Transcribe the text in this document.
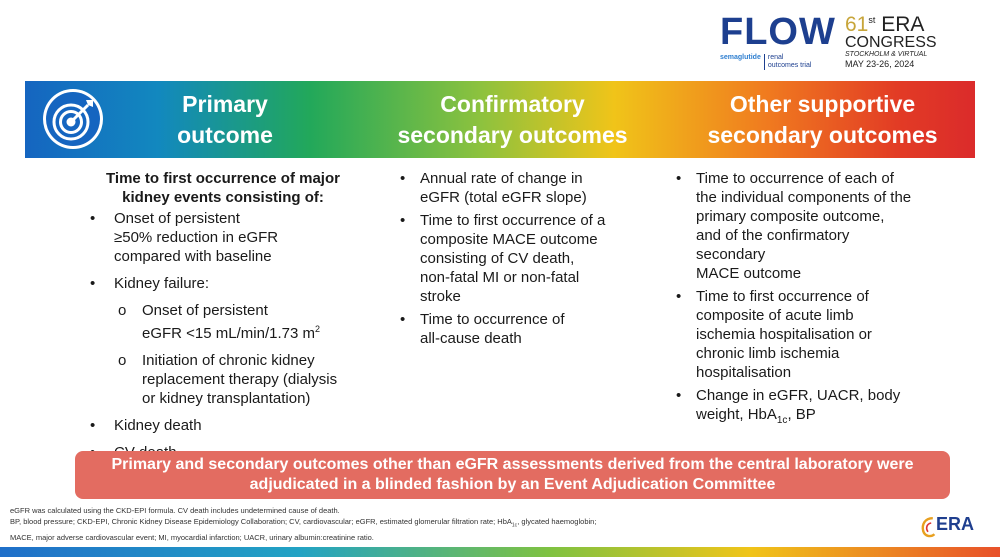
FLOW
semaglutide	renal
outcomes trial
61st ERA
CONGRESS
STOCKHOLM & VIRTUAL
MAY 23-26, 2024
Primary
outcome
Confirmatory
secondary outcomes
Other supportive
secondary outcomes
Time to first occurrence of major
kidney events consisting of:
• Onset of persistent
≥50% reduction in eGFR
compared with baseline
• Kidney failure:
o Onset of persistent
eGFR <15 mL/min/1.73 $m^2$
o Initiation of chronic kidney
replacement therapy (dialysis
or kidney transplantation)
• Kidney death
•
• Annual rate of change in
eGFR (total eGFR slope)
• Time to first occurrence of a
composite MACE outcome
consisting of CV death,
non-fatal MI or non-fatal
stroke
• Time to occurrence of
all-cause death
• Time to occurrence of each of
the individual components of the
primary composite outcome,
and of the confirmatory
secondary
MACE outcome
• Time to first occurrence of
composite of acute limb
ischemia hospitalisation or
chronic limb ischemia
hospitalisation
• Change in eGFR, UACR, body
weight, HbA$_{1c}$, BP
Primary and secondary outcomes other than eGFR assessments derived from the central laboratory were adjudicated in a blinded fashion by an Event Adjudication Committee
eGFR was calculated using the CKD-EPI formula. CV death includes undetermined cause of death.
BP, blood pressure; CKD-EPI, Chronic Kidney Disease Epidemiology Collaboration; CV, cardiovascular; eGFR, estimated glomerular filtration rate; HbA$_{1c}$, glycated haemoglobin;
MACE, major adverse cardiovascular event; MI, myocardial infarction; UACR, urinary albumin:creatinine ratio.
ERA
